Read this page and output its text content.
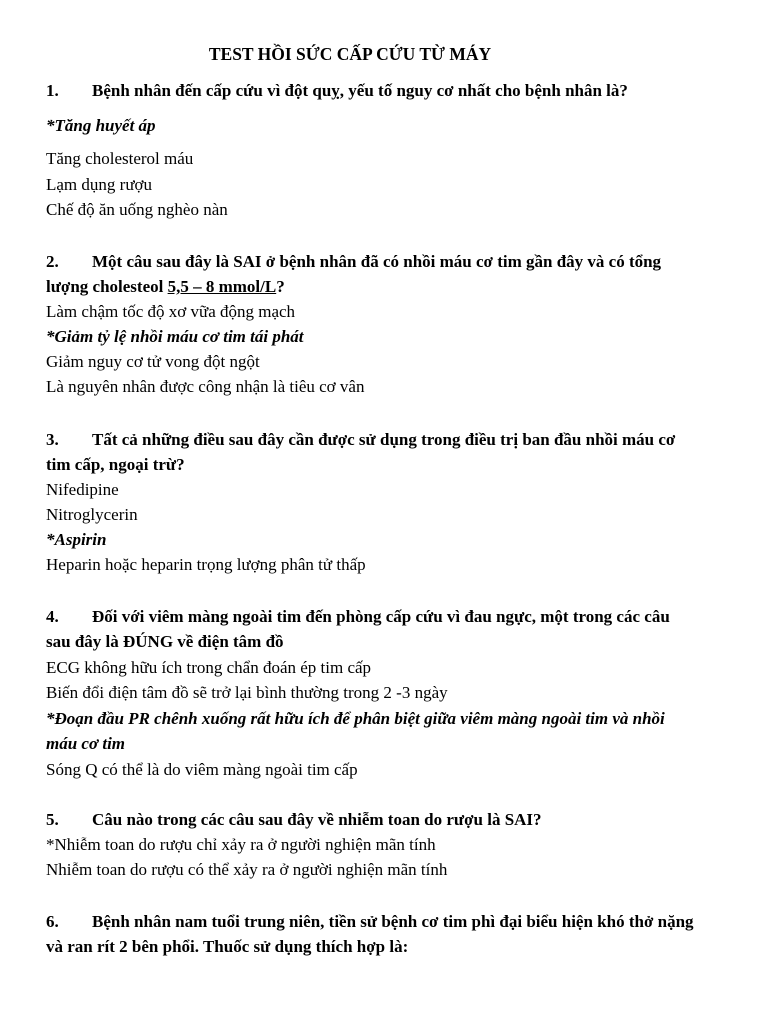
TEST HỒI SỨC CẤP CỨU TỪ MÁY
1. Bệnh nhân đến cấp cứu vì đột quỵ, yếu tố nguy cơ nhất cho bệnh nhân là?
*Tăng huyết áp
Tăng cholesterol máu
Lạm dụng rượu
Chế độ ăn uống nghèo nàn
2. Một câu sau đây là SAI ở bệnh nhân đã có nhồi máu cơ tim gần đây và có tổng
lượng cholesteol 5,5 – 8 mmol/L?
Làm chậm tốc độ xơ vữa động mạch
*Giảm tỷ lệ nhồi máu cơ tim tái phát
Giảm nguy cơ tử vong đột ngột
Là nguyên nhân được công nhận là tiêu cơ vân
3. Tất cả những điều sau đây cần được sử dụng trong điều trị ban đầu nhồi máu cơ
tim cấp, ngoại trừ?
Nifedipine
Nitroglycerin
*Aspirin
Heparin hoặc heparin trọng lượng phân tử thấp
4. Đối với viêm màng ngoài tim đến phòng cấp cứu vì đau ngực, một trong các câu
sau đây là ĐÚNG về điện tâm đồ
ECG không hữu ích trong chẩn đoán ép tim cấp
Biến đổi điện tâm đồ sẽ trở lại bình thường trong 2 -3 ngày
*Đoạn đầu PR chênh xuống rất hữu ích để phân biệt giữa viêm màng ngoài tim và nhồi
máu cơ tim
Sóng Q có thể là do viêm màng ngoài tim cấp
5. Câu nào trong các câu sau đây về nhiễm toan do rượu là SAI?
*Nhiễm toan do rượu chỉ xảy ra ở người nghiện mãn tính
Nhiễm toan do rượu có thể xảy ra ở người nghiện mãn tính
6. Bệnh nhân nam tuổi trung niên, tiền sử bệnh cơ tim phì đại biểu hiện khó thở nặng
và ran rít 2 bên phổi. Thuốc sử dụng thích hợp là:
